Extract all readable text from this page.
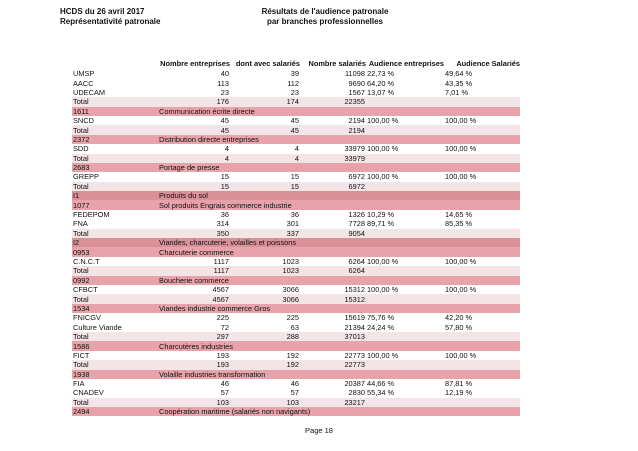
HCDS du 26 avril 2017
Représentativité patronale
Résultats de l'audience patronale
par branches professionnelles
	Nombre entreprises	dont avec salariés	Nombre salariés	Audience entreprises	Audience Salariés
UMSP	40	39	11098	22,73 %	49,64 %
AACC	113	112	9690	64,20 %	43,35 %
UDECAM	23	23	1567	13,07 %	7,01 %
Total	176	174	22355		
1611	Communication écrite directe				
SNCD	45	45	2194	100,00 %	100,00 %
Total	45	45	2194		
2372	Distribution directe entreprises				
SDD	4	4	33979	100,00 %	100,00 %
Total	4	4	33979		
2683	Portage de presse				
GREPP	15	15	6972	100,00 %	100,00 %
Total	15	15	6972		
I1	Produits du sol				
1077	Sol produits Engrais commerce industrie				
FEDEPOM	36	36	1326	10,29 %	14,65 %
FNA	314	301	7728	89,71 %	85,35 %
Total	350	337	9054		
I2	Viandes, charcuterie, volailles et poissons				
0953	Charcuterie commerce				
C.N.C.T	1117	1023	6264	100,00 %	100,00 %
Total	1117	1023	6264		
0992	Boucherie commerce				
CFBCT	4567	3066	15312	100,00 %	100,00 %
Total	4567	3066	15312		
1534	Viandes industrie commerce Gros				
FNICGV	225	225	15619	75,76 %	42,20 %
Culture Viande	72	63	21394	24,24 %	57,80 %
Total	297	288	37013		
1586	Charcutères industries				
FICT	193	192	22773	100,00 %	100,00 %
Total	193	192	22773		
1938	Volaille industries transformation				
FIA	46	46	20387	44,66 %	87,81 %
CNADEV	57	57	2830	55,34 %	12,19 %
Total	103	103	23217		
2494	Coopération maritime (salariés non navigants)				
Page 18
